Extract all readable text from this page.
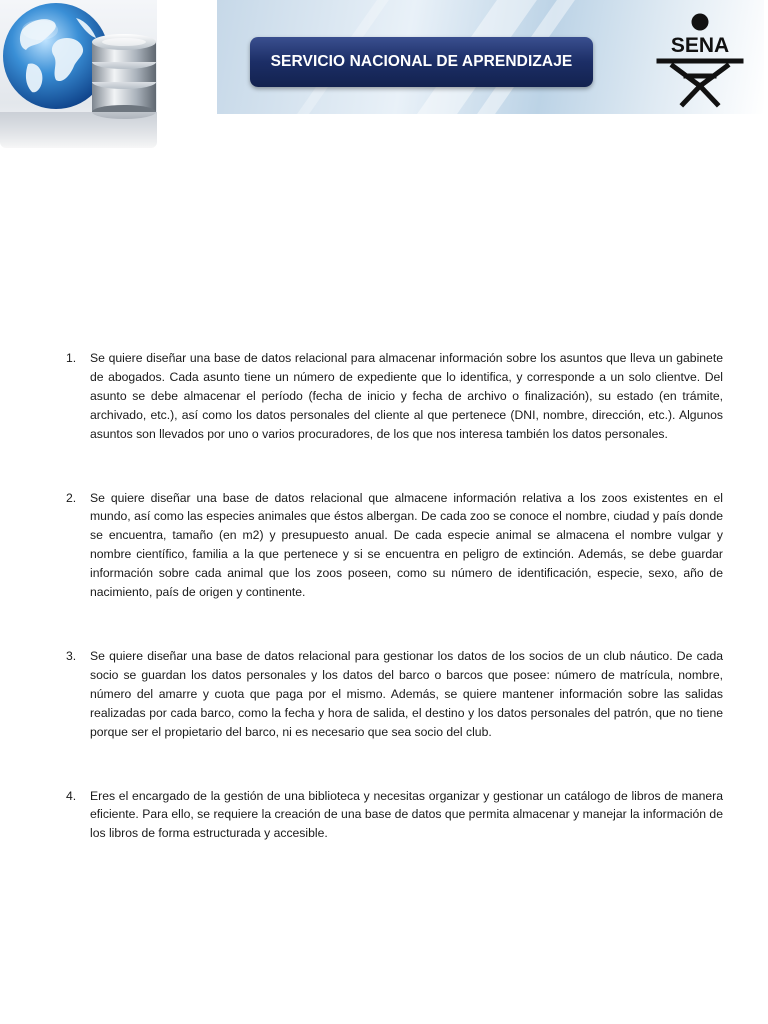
SERVICIO NACIONAL DE APRENDIZAJE
SENA
1.	Se quiere diseñar una base de datos relacional para almacenar información sobre los asuntos que lleva un gabinete de abogados. Cada asunto tiene un número de expediente que lo identifica, y corresponde a un solo clientve. Del asunto se debe almacenar el período (fecha de inicio y fecha de archivo o finalización), su estado (en trámite, archivado, etc.), así como los datos personales del cliente al que pertenece (DNI, nombre, dirección, etc.). Algunos asuntos son llevados por uno o varios procuradores, de los que nos interesa también los datos personales.
2.	Se quiere diseñar una base de datos relacional que almacene información relativa a los zoos existentes en el mundo, así como las especies animales que éstos albergan. De cada zoo se conoce el nombre, ciudad y país donde se encuentra, tamaño (en m2) y presupuesto anual. De cada especie animal se almacena el nombre vulgar y nombre científico, familia a la que pertenece y si se encuentra en peligro de extinción. Además, se debe guardar información sobre cada animal que los zoos poseen, como su número de identificación, especie, sexo, año de nacimiento, país de origen y continente.
3.	Se quiere diseñar una base de datos relacional para gestionar los datos de los socios de un club náutico. De cada socio se guardan los datos personales y los datos del barco o barcos que posee: número de matrícula, nombre, número del amarre y cuota que paga por el mismo. Además, se quiere mantener información sobre las salidas realizadas por cada barco, como la fecha y hora de salida, el destino y los datos personales del patrón, que no tiene porque ser el propietario del barco, ni es necesario que sea socio del club.
4.	Eres el encargado de la gestión de una biblioteca y necesitas organizar y gestionar un catálogo de libros de manera eficiente. Para ello, se requiere la creación de una base de datos que permita almacenar y manejar la información de los libros de forma estructurada y accesible.
